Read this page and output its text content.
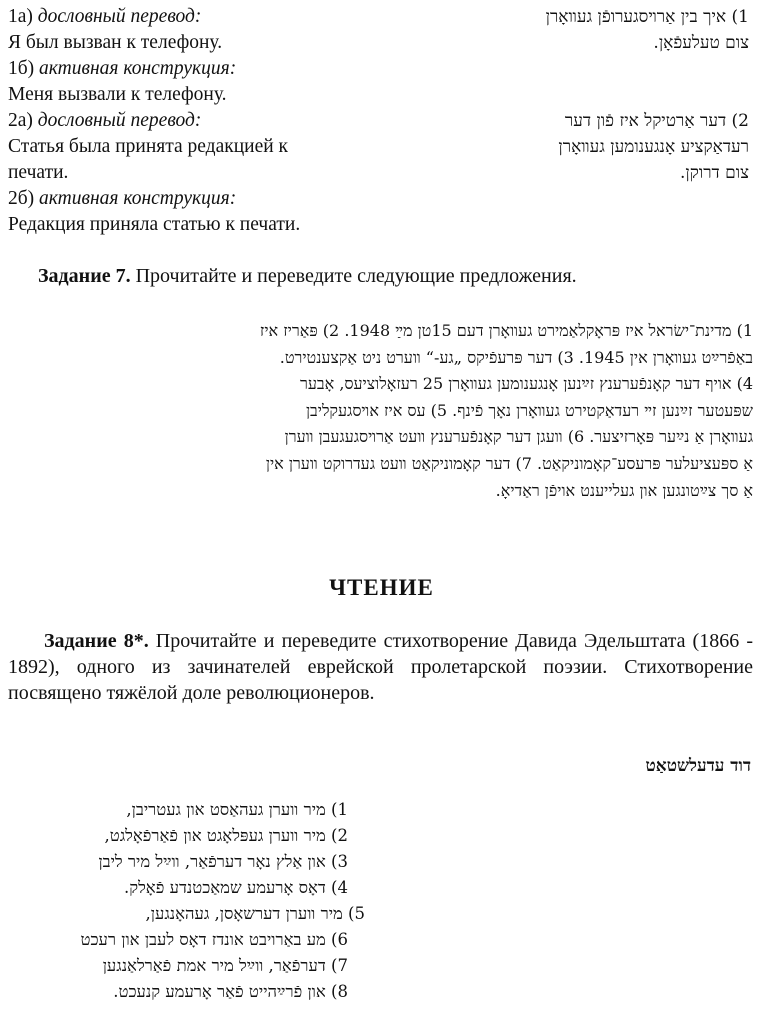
1а) дословный перевод:
Я был вызван к телефону.
1б) активная конструкция:
Меня вызвали к телефону.
2а) дословный перевод:
Статья была принята редакцией к
печати.
2б) активная конструкция:
Редакция приняла статью к печати.

1) איך בין אַרױסגערופֿן געװאָרן

צום טעלעפֿאָן.

2) דער אַרטיקל איז פֿון דער

רעדאַקציע אָנגענומען געװאָרן

צום דרוקן.

Задание 7. Прочитайте и переведите следующие предложения.

1) מדינת־ישׂראל איז פּראָקלאַמירט געװאָרן דעם 15טן מײַ 1948. 2) פּאַריז איז

באַפֿרײַט געװאָרן אין 1945. 3) דער פּרעפֿיקס „גע-“ װערט ניט אַקצענטירט.

4) אויף דער קאָנפֿערענץ זײַנען אָנגענומען געװאָרן 25 רעזאָלוציעס, אָבער

שפּעטער זײַנען זײ רעדאַקטירט געװאָרן נאָך פֿינף. 5) עס איז אױסגעקליבן

געװאָרן אַ נײַער פּאָרזיצער. 6) װעגן דער קאָנפֿערענץ װעט אַרױסגעגעבן װערן

אַ ספּעציעלער פּרעסע־קאָמוניקאַט. 7) דער קאָמוניקאַט װעט געדרוקט װערן אין

אַ סך צײַטונגען און געלייענט אויפֿן ראַדיאָ.

ЧТЕНИЕ

Задание 8*. Прочитайте и переведите стихотворение Давида Эдельштата (1866 - 1892), одного из зачинателей еврейской пролетарской поэзии. Стихотворение посвящено тяжёлой доле революционеров.

דוד עדעלשטאַט
1) מיר װערן געהאַסט און געטריבן,
2) מיר װערן געפּלאָגט און פֿאַרפֿאָלגט,
3) און אַלץ נאָר דערפֿאַר, װײַל מיר ליבן
4) דאָס אָרעמע שמאַכטנדע פֿאָלק.
5) מיר װערן דערשאָסן, געהאָנגען,
6) מע באַרויבט אונדז דאָס לעבן און רעכט
7) דערפֿאַר, װײַל מיר אמת פֿאַרלאַנגען
8) און פֿרײַהייט פֿאַר אָרעמע קנעכט.
